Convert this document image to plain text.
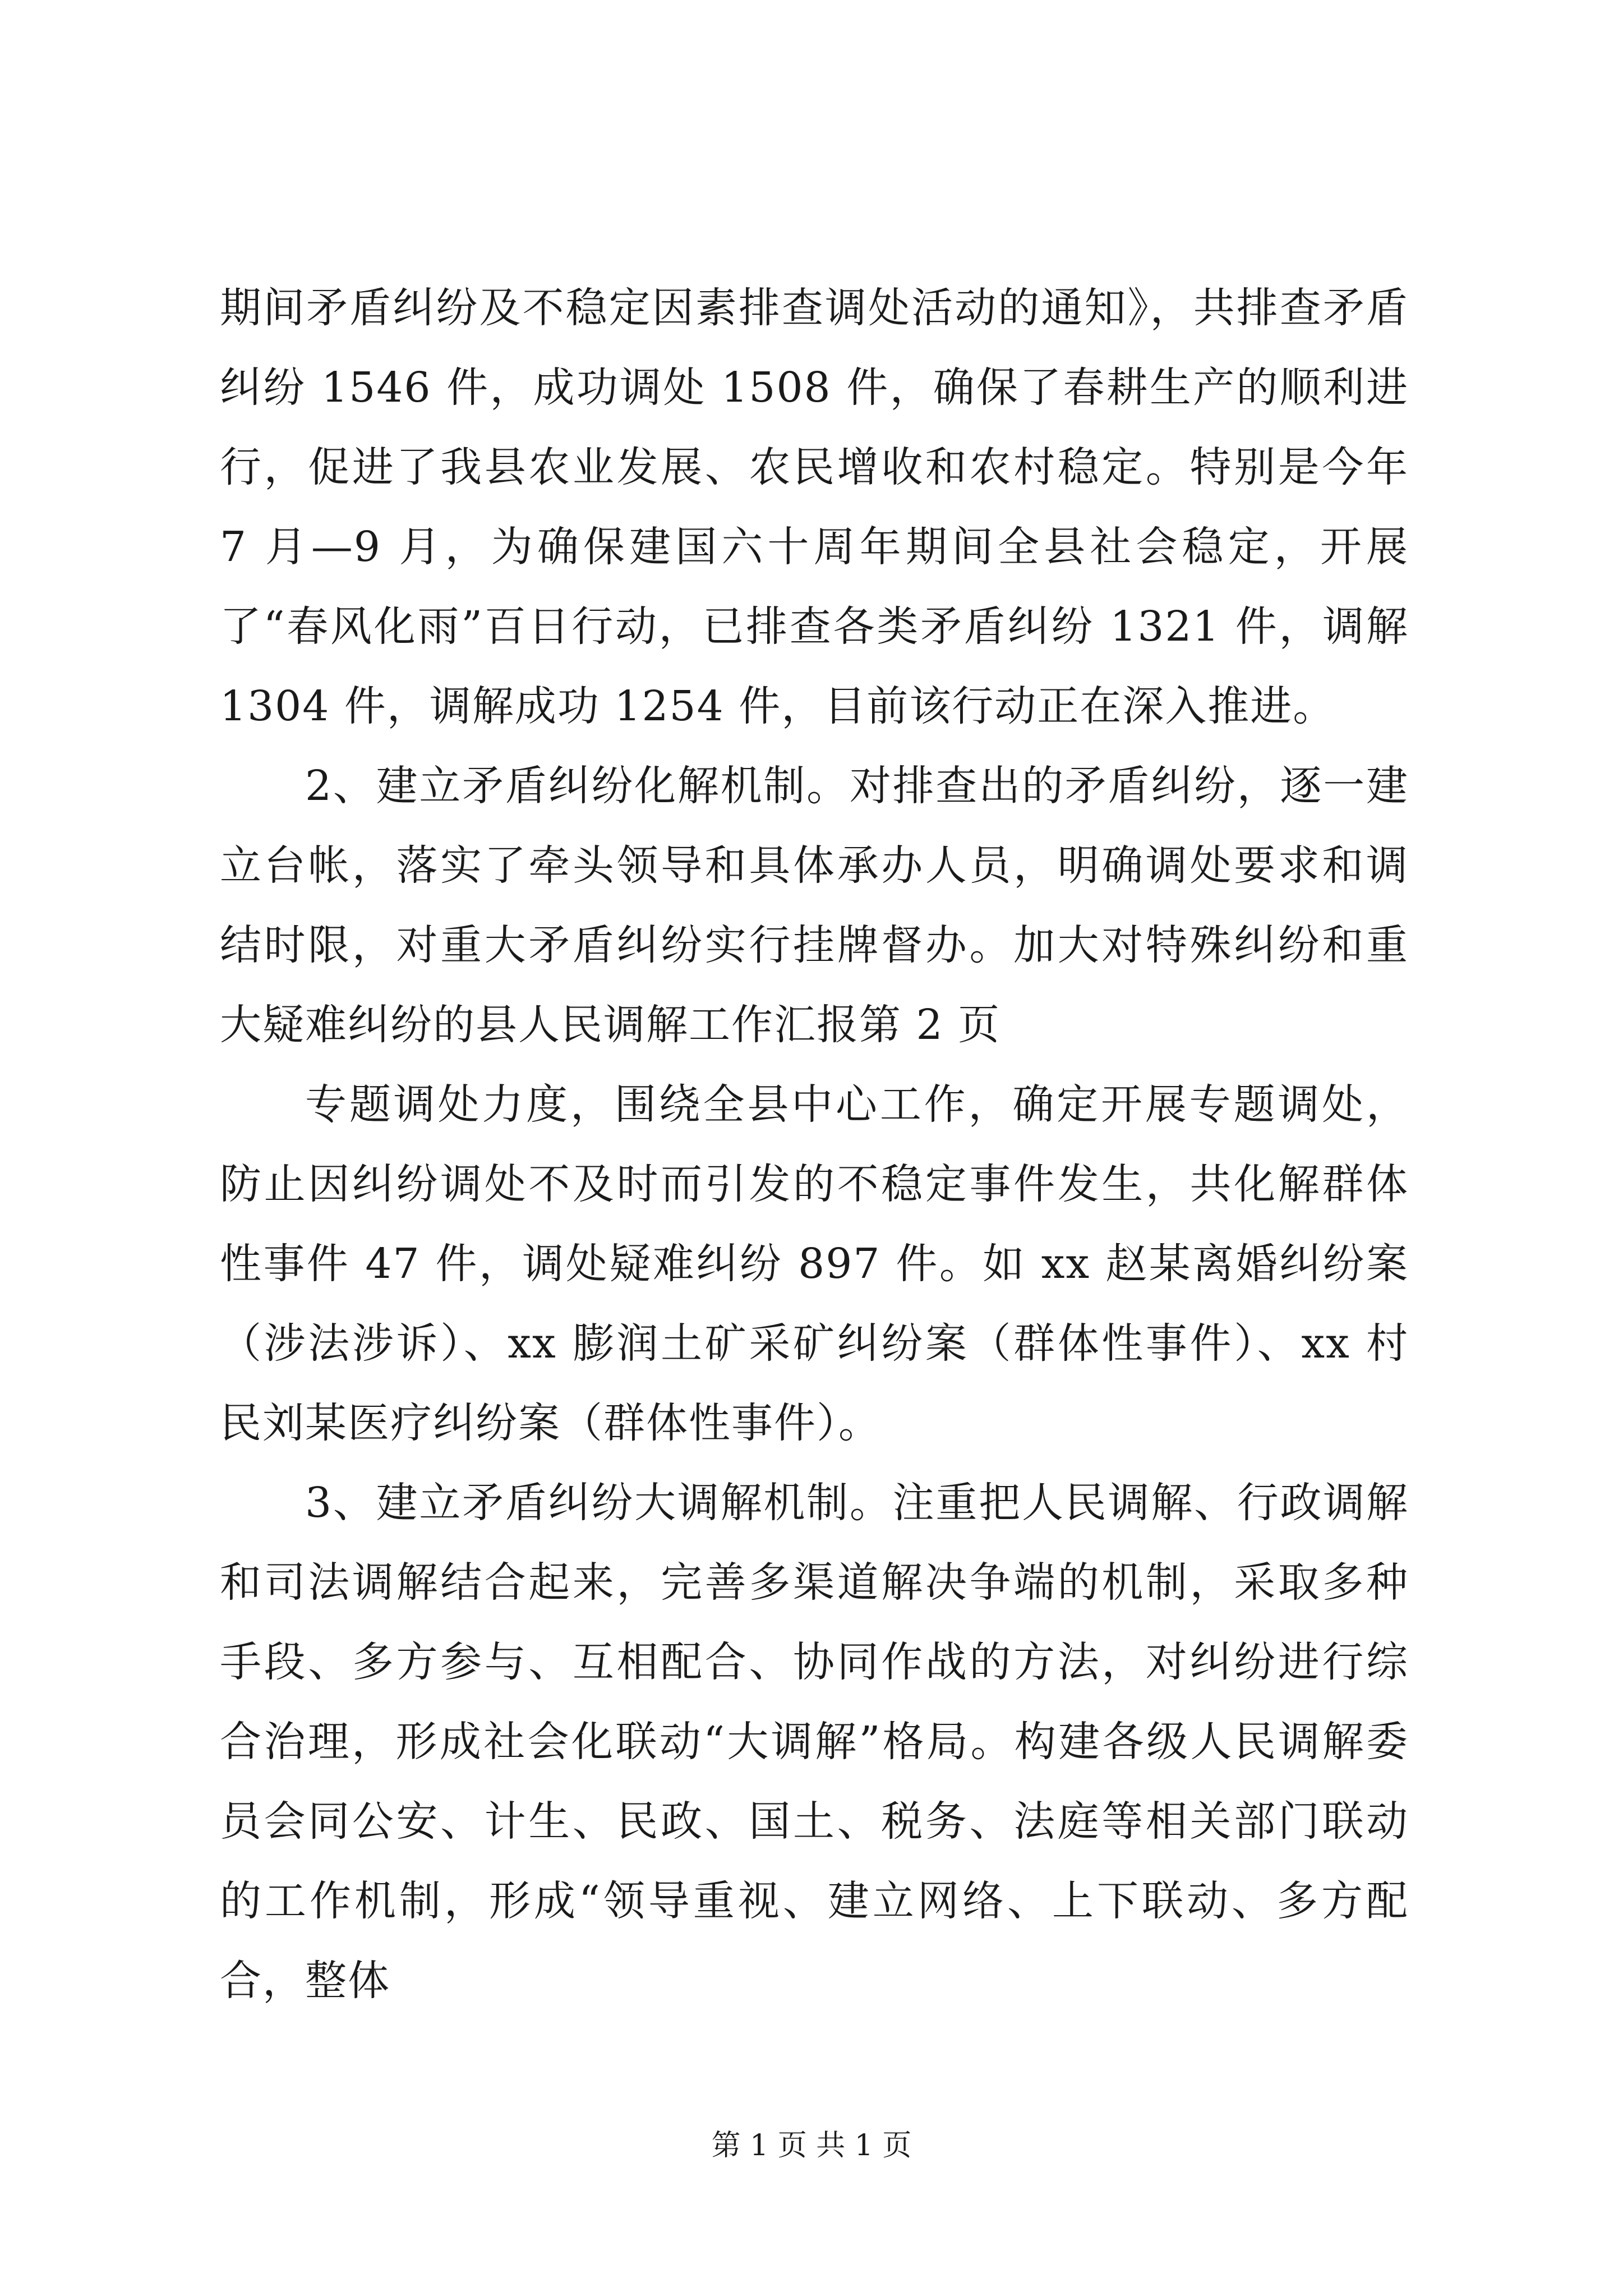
期间矛盾纠纷及不稳定因素排查调处活动的通知》，共排查矛盾纠纷 1546 件，成功调处 1508 件，确保了春耕生产的顺利进行，促进了我县农业发展、农民增收和农村稳定。特别是今年 7 月—9 月，为确保建国六十周年期间全县社会稳定，开展了“春风化雨”百日行动，已排查各类矛盾纠纷 1321 件，调解 1304 件，调解成功 1254 件，目前该行动正在深入推进。

2、建立矛盾纠纷化解机制。对排查出的矛盾纠纷，逐一建立台帐，落实了牵头领导和具体承办人员，明确调处要求和调结时限，对重大矛盾纠纷实行挂牌督办。加大对特殊纠纷和重大疑难纠纷的县人民调解工作汇报第 2 页

专题调处力度，围绕全县中心工作，确定开展专题调处，防止因纠纷调处不及时而引发的不稳定事件发生，共化解群体性事件 47 件，调处疑难纠纷 897 件。如 xx 赵某离婚纠纷案（涉法涉诉）、xx 膨润土矿采矿纠纷案（群体性事件）、xx 村民刘某医疗纠纷案（群体性事件）。

3、建立矛盾纠纷大调解机制。注重把人民调解、行政调解和司法调解结合起来，完善多渠道解决争端的机制，采取多种手段、多方参与、互相配合、协同作战的方法，对纠纷进行综合治理，形成社会化联动“大调解”格局。构建各级人民调解委员会同公安、计生、民政、国土、税务、法庭等相关部门联动的工作机制，形成“领导重视、建立网络、上下联动、多方配合，整体

第 1 页 共 1 页
